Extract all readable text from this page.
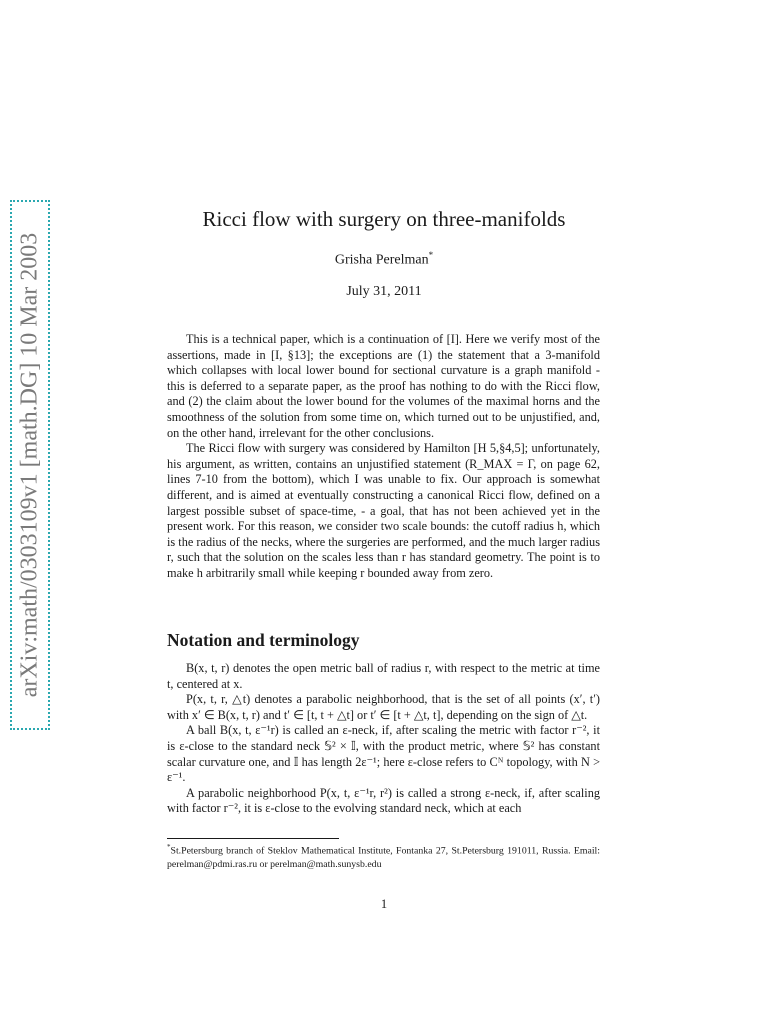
arXiv:math/0303109v1 [math.DG] 10 Mar 2003
Ricci flow with surgery on three-manifolds
Grisha Perelman*
July 31, 2011

This is a technical paper, which is a continuation of [I]. Here we verify most of the assertions, made in [I, §13]; the exceptions are (1) the statement that a 3-manifold which collapses with local lower bound for sectional curvature is a graph manifold - this is deferred to a separate paper, as the proof has nothing to do with the Ricci flow, and (2) the claim about the lower bound for the volumes of the maximal horns and the smoothness of the solution from some time on, which turned out to be unjustified, and, on the other hand, irrelevant for the other conclusions.

The Ricci flow with surgery was considered by Hamilton [H 5,§4,5]; unfortunately, his argument, as written, contains an unjustified statement (R_MAX = Γ, on page 62, lines 7-10 from the bottom), which I was unable to fix. Our approach is somewhat different, and is aimed at eventually constructing a canonical Ricci flow, defined on a largest possible subset of space-time, - a goal, that has not been achieved yet in the present work. For this reason, we consider two scale bounds: the cutoff radius h, which is the radius of the necks, where the surgeries are performed, and the much larger radius r, such that the solution on the scales less than r has standard geometry. The point is to make h arbitrarily small while keeping r bounded away from zero.

Notation and terminology

B(x, t, r) denotes the open metric ball of radius r, with respect to the metric at time t, centered at x.

P(x, t, r, △t) denotes a parabolic neighborhood, that is the set of all points (x′, t′) with x′ ∈ B(x, t, r) and t′ ∈ [t, t + △t] or t′ ∈ [t + △t, t], depending on the sign of △t.

A ball B(x, t, ε⁻¹r) is called an ε-neck, if, after scaling the metric with factor r⁻², it is ε-close to the standard neck 𝕊² × 𝕀, with the product metric, where 𝕊² has constant scalar curvature one, and 𝕀 has length 2ε⁻¹; here ε-close refers to Cᴺ topology, with N > ε⁻¹.

A parabolic neighborhood P(x, t, ε⁻¹r, r²) is called a strong ε-neck, if, after scaling with factor r⁻², it is ε-close to the evolving standard neck, which at each

*St.Petersburg branch of Steklov Mathematical Institute, Fontanka 27, St.Petersburg 191011, Russia. Email: perelman@pdmi.ras.ru or perelman@math.sunysb.edu
1
